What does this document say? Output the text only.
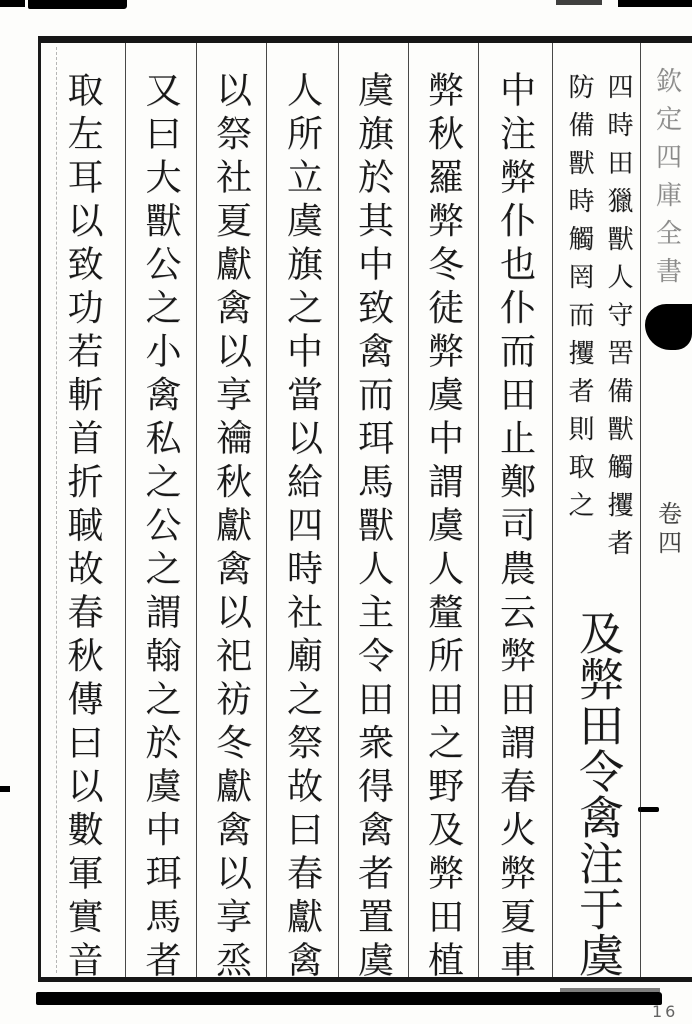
欽定四庫全書
卷四
四時田獵獸人守罟備獸觸攫者
防備獸時觸罔而攫者則取之
及弊田令禽注于虞
中注弊仆也仆而田止鄭司農云弊田謂春火弊夏車
弊秋羅弊冬徒弊虞中謂虞人釐所田之野及弊田植
虞旗於其中致禽而珥馬獸人主令田衆得禽者置虞
人所立虞旗之中當以給四時社廟之祭故曰春獻禽
以祭社夏獻禽以享禴秋獻禽以祀祊冬獻禽以享烝
又曰大獸公之小禽私之公之謂翰之於虞中珥馬者
取左耳以致功若斬首折聝故春秋傳曰以數軍實音
16
